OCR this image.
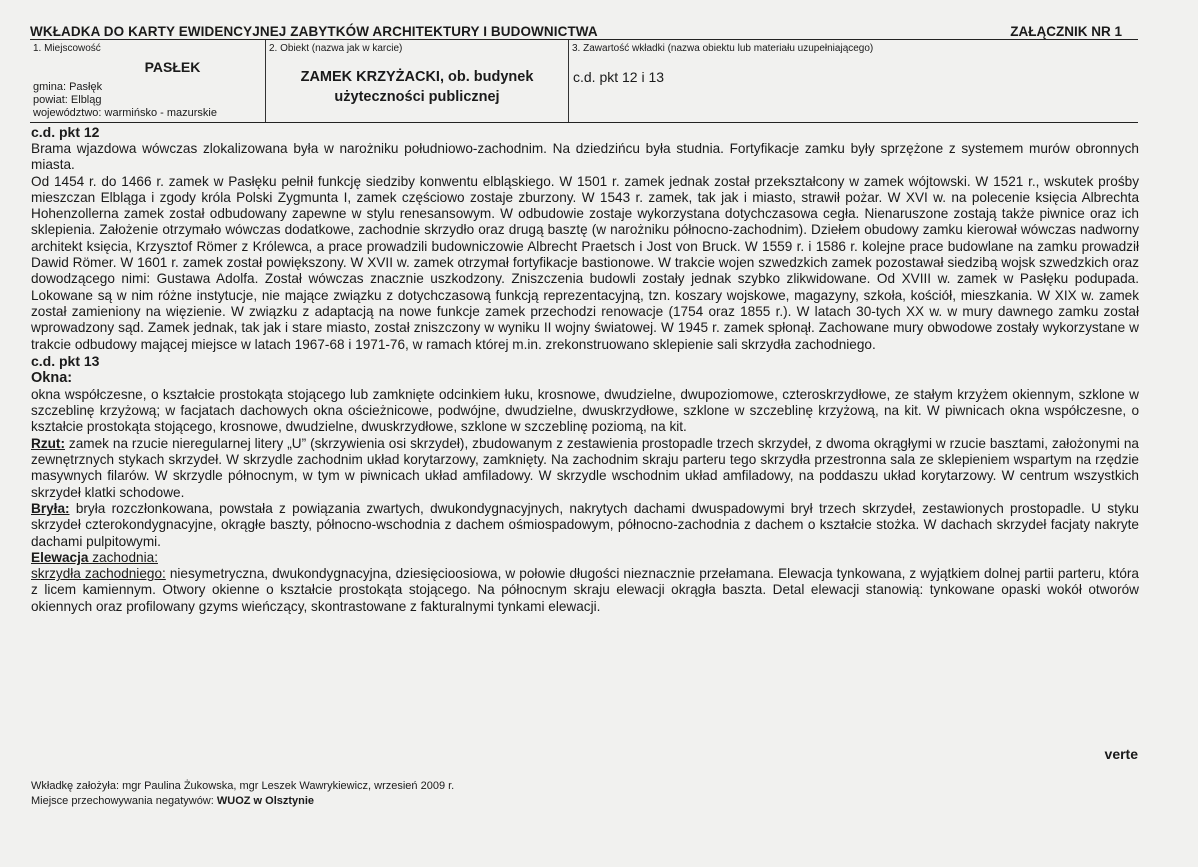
WKŁADKA DO KARTY EWIDENCYJNEJ ZABYTKÓW ARCHITEKTURY I BUDOWNICTWA	ZAŁĄCZNIK NR 1
1. Miejscowość
PASŁEK
gmina: Pasłęk
powiat: Elbląg
województwo: warmińsko - mazurskie
2. Obiekt (nazwa jak w karcie)
ZAMEK KRZYŻACKI, ob. budynek użyteczności publicznej
3. Zawartość wkładki (nazwa obiektu lub materiału uzupełniającego)
c.d. pkt 12 i 13
c.d. pkt 12

Brama wjazdowa wówczas zlokalizowana była w narożniku południowo-zachodnim. Na dziedzińcu była studnia. Fortyfikacje zamku były sprzężone z systemem murów obronnych miasta.

Od 1454 r. do 1466 r. zamek w Pasłęku pełnił funkcję siedziby konwentu elbląskiego. W 1501 r. zamek jednak został przekształcony w zamek wójtowski. W 1521 r., wskutek prośby mieszczan Elbląga i zgody króla Polski Zygmunta I, zamek częściowo zostaje zburzony. W 1543 r. zamek, tak jak i miasto, strawił pożar. W XVI w. na polecenie księcia Albrechta Hohenzollerna zamek został odbudowany zapewne w stylu renesansowym. W odbudowie zostaje wykorzystana dotychczasowa cegła. Nienaruszone zostają także piwnice oraz ich sklepienia. Założenie otrzymało wówczas dodatkowe, zachodnie skrzydło oraz drugą basztę (w narożniku północno-zachodnim). Dziełem obudowy zamku kierował wówczas nadworny architekt księcia, Krzysztof Römer z Królewca, a prace prowadzili budowniczowie Albrecht Praetsch i Jost von Bruck. W 1559 r. i 1586 r. kolejne prace budowlane na zamku prowadził Dawid Römer. W 1601 r. zamek został powiększony. W XVII w. zamek otrzymał fortyfikacje bastionowe. W trakcie wojen szwedzkich zamek pozostawał siedzibą wojsk szwedzkich oraz dowodzącego nimi: Gustawa Adolfa. Został wówczas znacznie uszkodzony. Zniszczenia budowli zostały jednak szybko zlikwidowane. Od XVIII w. zamek w Pasłęku podupada. Lokowane są w nim różne instytucje, nie mające związku z dotychczasową funkcją reprezentacyjną, tzn. koszary wojskowe, magazyny, szkoła, kościół, mieszkania. W XIX w. zamek został zamieniony na więzienie. W związku z adaptacją na nowe funkcje zamek przechodzi renowacje (1754 oraz 1855 r.). W latach 30-tych XX w. w mury dawnego zamku został wprowadzony sąd. Zamek jednak, tak jak i stare miasto, został zniszczony w wyniku II wojny światowej. W 1945 r. zamek spłonął. Zachowane mury obwodowe zostały wykorzystane w trakcie odbudowy mającej miejsce w latach 1967-68 i 1971-76, w ramach której m.in. zrekonstruowano sklepienie sali skrzydła zachodniego.

c.d. pkt 13
Okna:

okna współczesne, o kształcie prostokąta stojącego lub zamknięte odcinkiem łuku, krosnowe, dwudzielne, dwupoziomowe, czteroskrzydłowe, ze stałym krzyżem okiennym, szklone w szczeblinę krzyżową; w facjatach dachowych okna ościeżnicowe, podwójne, dwudzielne, dwuskrzydłowe, szklone w szczeblinę krzyżową, na kit. W piwnicach okna współczesne, o kształcie prostokąta stojącego, krosnowe, dwudzielne, dwuskrzydłowe, szklone w szczeblinę poziomą, na kit.

Rzut: zamek na rzucie nieregularnej litery „U” (skrzywienia osi skrzydeł), zbudowanym z zestawienia prostopadle trzech skrzydeł, z dwoma okrągłymi w rzucie basztami, założonymi na zewnętrznych stykach skrzydeł. W skrzydle zachodnim układ korytarzowy, zamknięty. Na zachodnim skraju parteru tego skrzydła przestronna sala ze sklepieniem wspartym na rzędzie masywnych filarów. W skrzydle północnym, w tym w piwnicach układ amfiladowy. W skrzydle wschodnim układ amfiladowy, na poddaszu układ korytarzowy. W centrum wszystkich skrzydeł klatki schodowe.

Bryła: bryła rozczłonkowana, powstała z powiązania zwartych, dwukondygnacyjnych, nakrytych dachami dwuspadowymi brył trzech skrzydeł, zestawionych prostopadle. U styku skrzydeł czterokondygnacyjne, okrągłe baszty, północno-wschodnia z dachem ośmiospadowym, północno-zachodnia z dachem o kształcie stożka. W dachach skrzydeł facjaty nakryte dachami pulpitowymi.

Elewacja zachodnia:

skrzydła zachodniego: niesymetryczna, dwukondygnacyjna, dziesięcioosiowa, w połowie długości nieznacznie przełamana. Elewacja tynkowana, z wyjątkiem dolnej partii parteru, która z licem kamiennym. Otwory okienne o kształcie prostokąta stojącego. Na północnym skraju elewacji okrągła baszta. Detal elewacji stanowią: tynkowane opaski wokół otworów okiennych oraz profilowany gzyms wieńczący, skontrastowane z fakturalnymi tynkami elewacji.

verte
Wkładkę założyła: mgr Paulina Żukowska, mgr Leszek Wawrykiewicz, wrzesień 2009 r.
Miejsce przechowywania negatywów: WUOZ w Olsztynie
